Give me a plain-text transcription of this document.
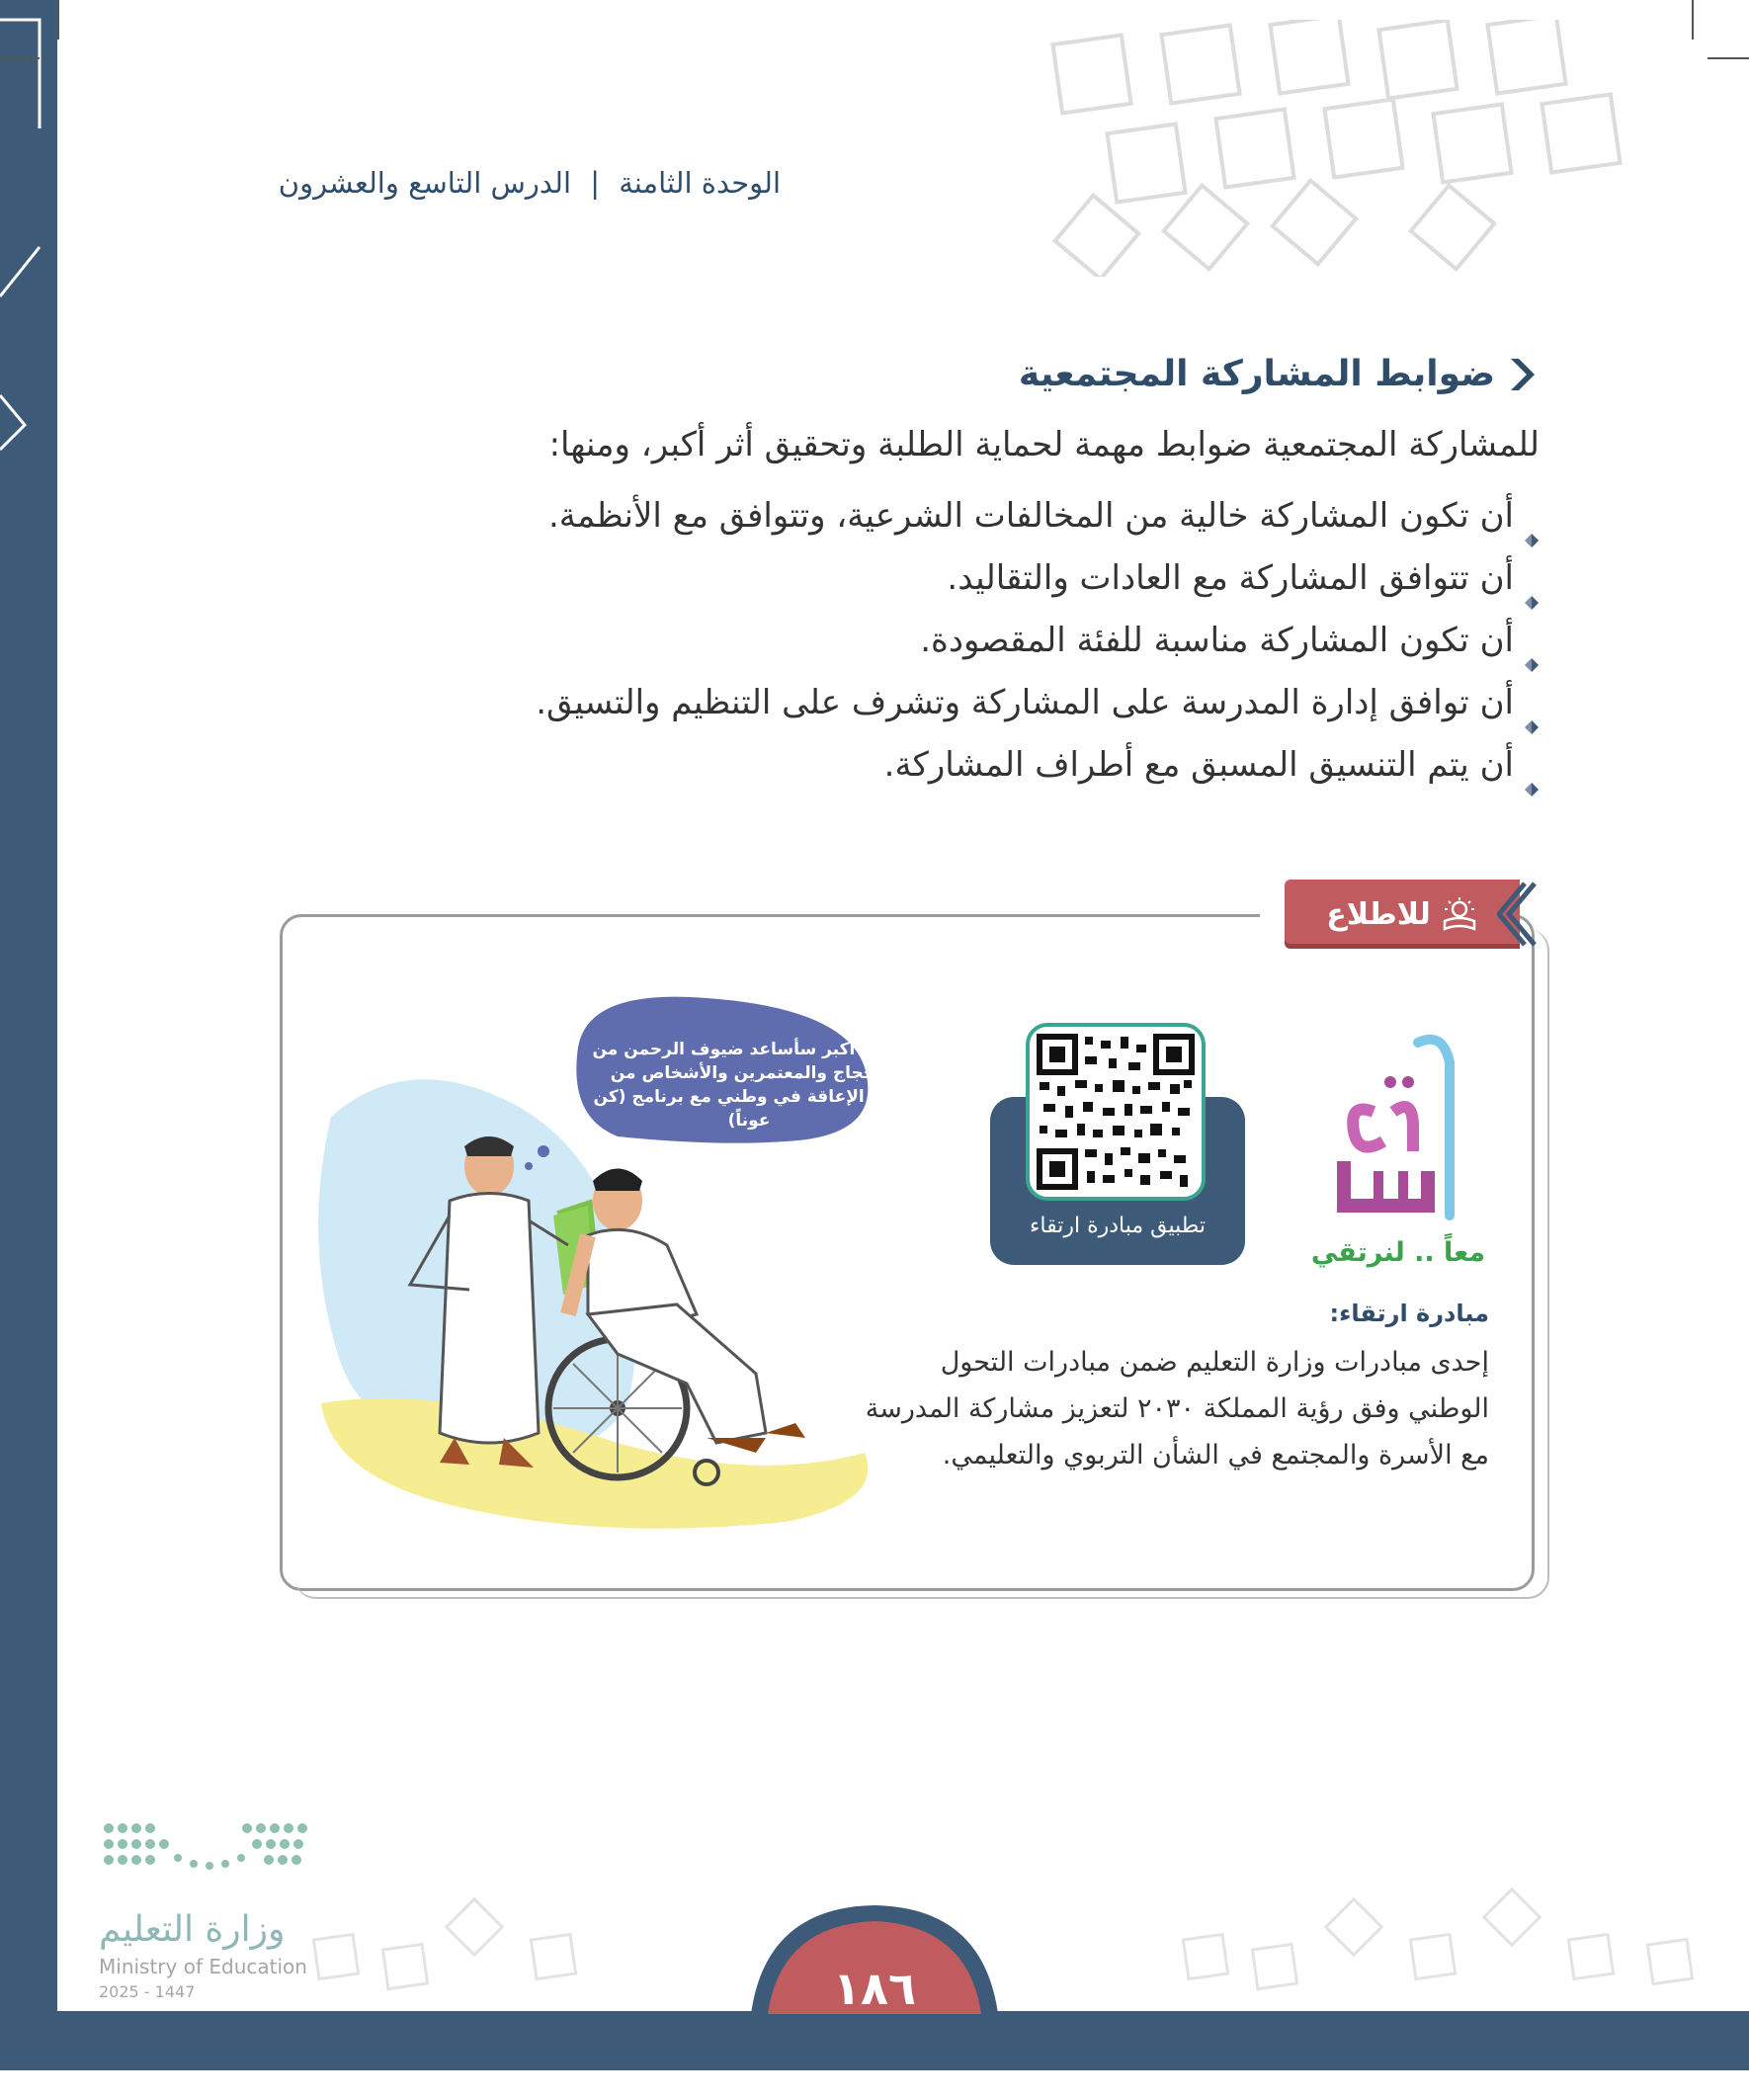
الوحدة الثامنة | الدرس التاسع والعشرون
ضوابط المشاركة المجتمعية
للمشاركة المجتمعية ضوابط مهمة لحماية الطلبة وتحقيق أثر أكبر، ومنها:
أن تكون المشاركة خالية من المخالفات الشرعية، وتتوافق مع الأنظمة.
أن تتوافق المشاركة مع العادات والتقاليد.
أن تكون المشاركة مناسبة للفئة المقصودة.
أن توافق إدارة المدرسة على المشاركة وتشرف على التنظيم والتسيق.
أن يتم التنسيق المسبق مع أطراف المشاركة.
للاطلاع
معاً .. لنرتقي
تطبيق مبادرة ارتقاء
مبادرة ارتقاء:
إحدى مبادرات وزارة التعليم ضمن مبادرات التحول الوطني وفق رؤية المملكة ٢٠٣٠ لتعزيز مشاركة المدرسة مع الأسرة والمجتمع في الشأن التربوي والتعليمي.
عندما أكبر سأساعد ضيوف الرحمن من الحُجاج والمعتمرين والأشخاص من ذوي الإعاقة في وطني مع برنامج (كن عوناً)
١٨٦
وزارة التعليم
Ministry of Education
2025 - 1447
